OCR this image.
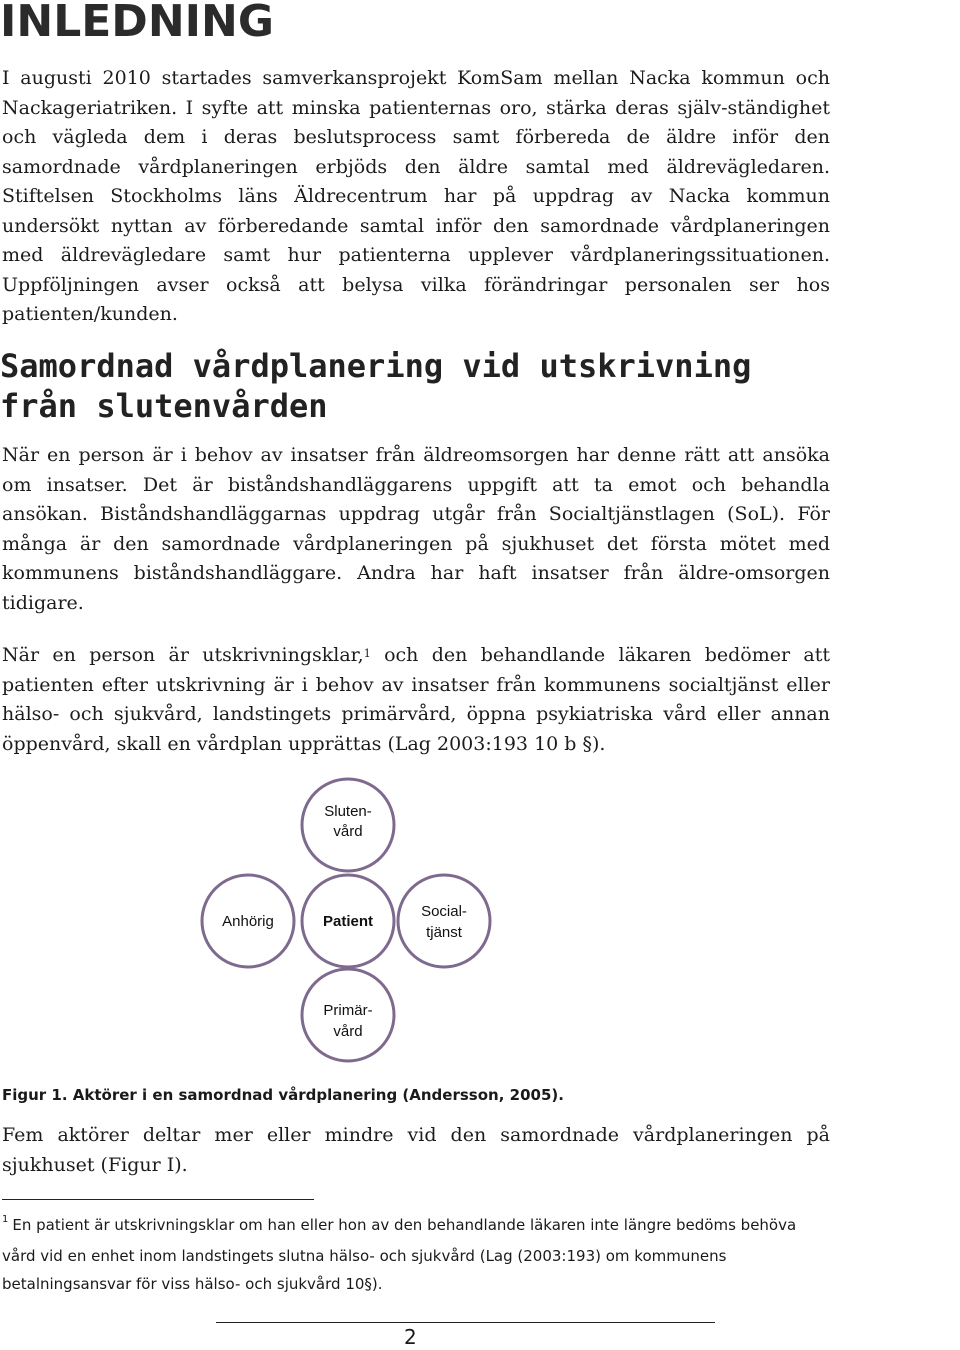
INLEDNING

I augusti 2010 startades samverkansprojekt KomSam mellan Nacka kommun och Nackageriatriken. I syfte att minska patienternas oro, stärka deras själv-ständighet och vägleda dem i deras beslutsprocess samt förbereda de äldre inför den samordnade vårdplaneringen erbjöds den äldre samtal med äldrevägledaren. Stiftelsen Stockholms läns Äldrecentrum har på uppdrag av Nacka kommun undersökt nyttan av förberedande samtal inför den samordnade vårdplaneringen med äldrevägledare samt hur patienterna upplever vårdplaneringssituationen. Uppföljningen avser också att belysa vilka förändringar personalen ser hos patienten/kunden.

Samordnad vårdplanering vid utskrivning från slutenvården

När en person är i behov av insatser från äldreomsorgen har denne rätt att ansöka om insatser. Det är biståndshandläggarens uppgift att ta emot och behandla ansökan. Biståndshandläggarnas uppdrag utgår från Socialtjänstlagen (SoL). För många är den samordnade vårdplaneringen på sjukhuset det första mötet med kommunens biståndshandläggare. Andra har haft insatser från äldre-omsorgen tidigare.

När en person är utskrivningsklar,$^1$ och den behandlande läkaren bedömer att patienten efter utskrivning är i behov av insatser från kommunens socialtjänst eller hälso- och sjukvård, landstingets primärvård, öppna psykiatriska vård eller annan öppenvård, skall en vårdplan upprättas (Lag 2003:193 10 b §).

Sluten-
vård
Anhörig	Patient
Social-
tjänst
Primär-
vård

Figur 1. Aktörer i en samordnad vårdplanering (Andersson, 2005).

Fem aktörer deltar mer eller mindre vid den samordnade vårdplaneringen på sjukhuset (Figur I).

$^1$ En patient är utskrivningsklar om han eller hon av den behandlande läkaren inte längre bedöms behöva vård vid en enhet inom landstingets slutna hälso- och sjukvård (Lag (2003:193) om kommunens betalningsansvar för viss hälso- och sjukvård 10§).

2
